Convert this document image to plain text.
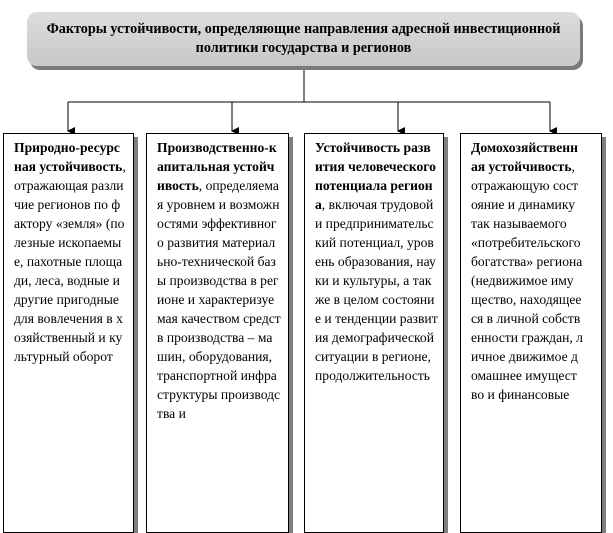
Факторы устойчивости, определяющие направления адресной инвестиционной политики государства и регионов
Природно-ресурсная устойчивость, отражающая различие регионов по фактору «земля» (полезные ископаемые, пахотные площади, леса, водные и другие пригодные для вовлечения в хозяйственный и культурный оборот
Производственно-капитальная устойчивость, определяемая уровнем и возможностями эффективного развития материально-технической базы производства в регионе и характеризуемая качеством средств производства – машин, оборудования, транспортной инфраструктуры производства и
Устойчивость развития человеческого потенциала региона, включая трудовой и предпринимательский потенциал, уровень образования, науки и культуры, а также в целом состояние и тенденции развития демографической ситуации в регионе, продолжительность
Домохозяйственная устойчивость, отражающую состояние и динамику так называемого «потребительского богатства» региона (недвижимое имущество, находящееся в личной собственности граждан, личное движимое домашнее имущество и финансовые
